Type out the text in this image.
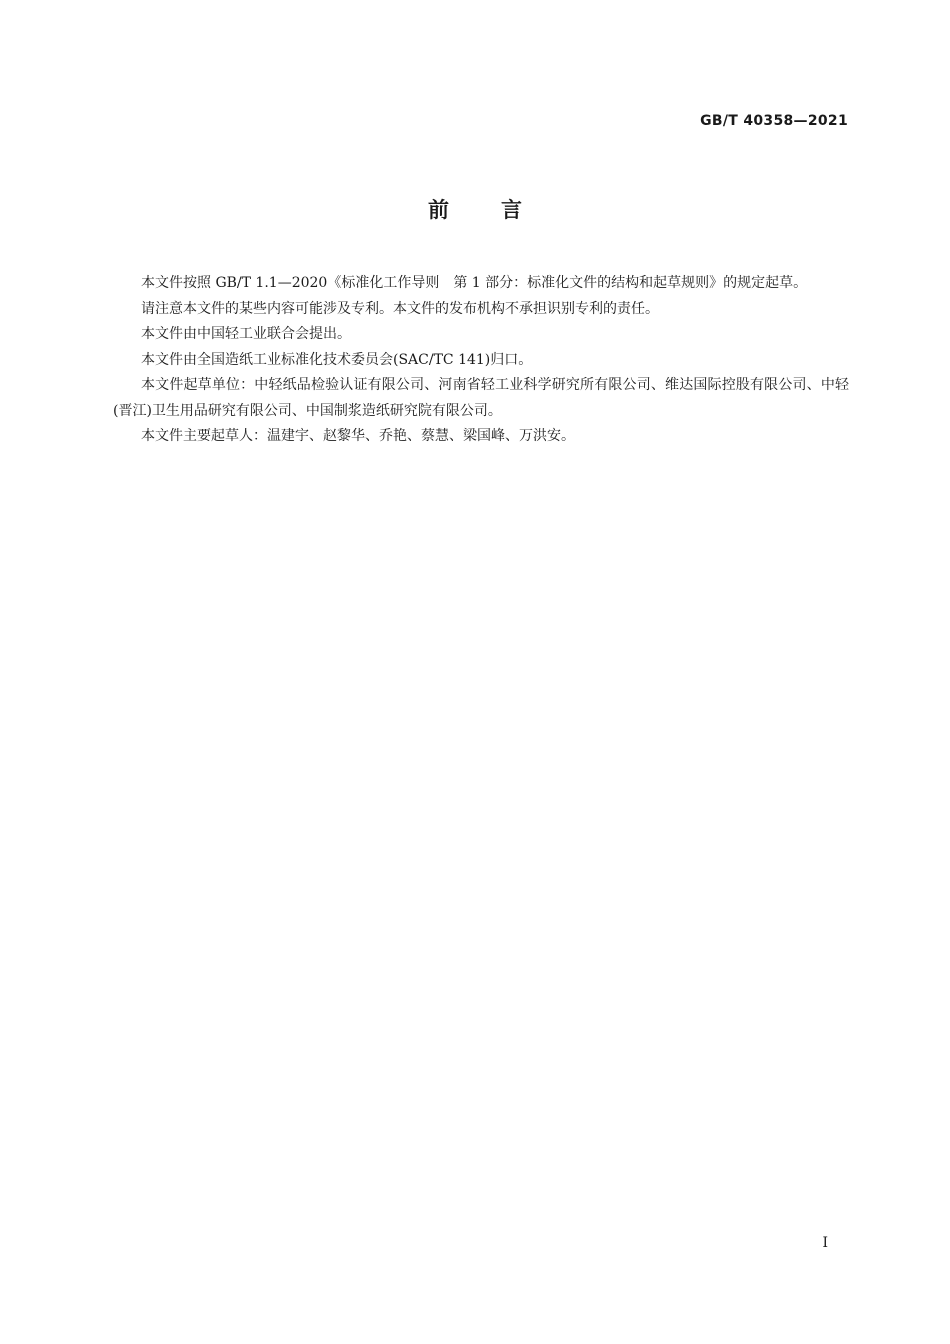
GB/T 40358—2021
前 言

本文件按照 GB/T 1.1—2020《标准化工作导则　第 1 部分：标准化文件的结构和起草规则》的规定起草。

请注意本文件的某些内容可能涉及专利。本文件的发布机构不承担识别专利的责任。

本文件由中国轻工业联合会提出。

本文件由全国造纸工业标准化技术委员会(SAC/TC 141)归口。

本文件起草单位：中轻纸品检验认证有限公司、河南省轻工业科学研究所有限公司、维达国际控股有限公司、中轻(晋江)卫生用品研究有限公司、中国制浆造纸研究院有限公司。

本文件主要起草人：温建宇、赵黎华、乔艳、蔡慧、梁国峰、万洪安。

I
